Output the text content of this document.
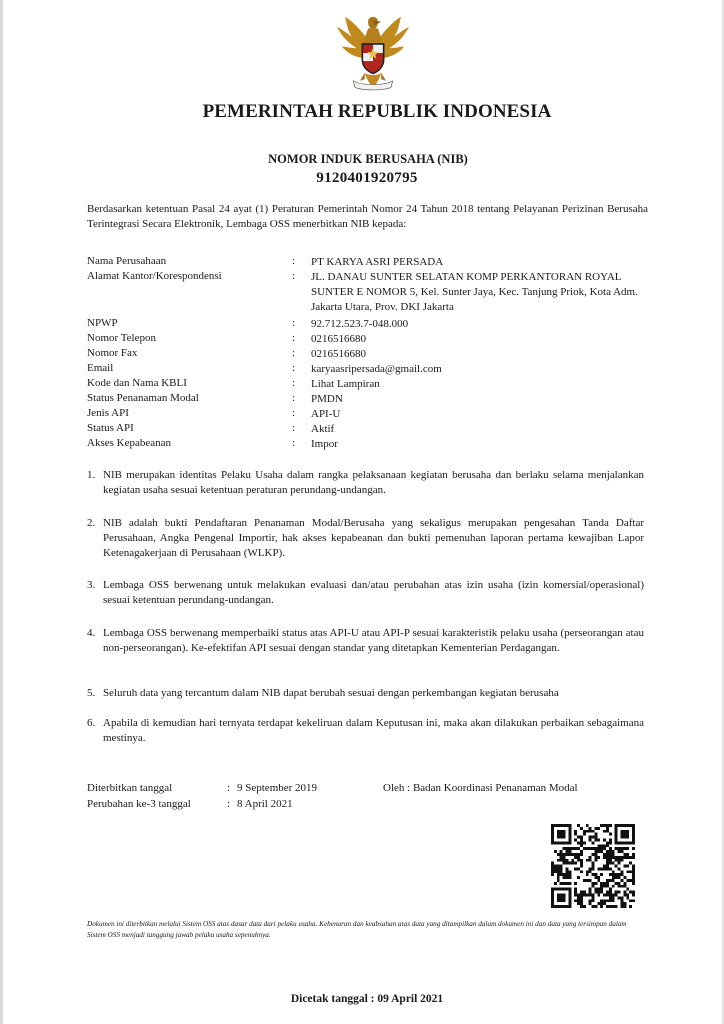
PEMERINTAH REPUBLIK INDONESIA
NOMOR INDUK BERUSAHA (NIB)
9120401920795
Berdasarkan ketentuan Pasal 24 ayat (1) Peraturan Pemerintah Nomor 24 Tahun 2018 tentang Pelayanan Perizinan Berusaha Terintegrasi Secara Elektronik, Lembaga OSS menerbitkan NIB kepada:
Nama Perusahaan	: PT KARYA ASRI PERSADA
Alamat Kantor/Korespondensi	: JL. DANAU SUNTER SELATAN KOMP PERKANTORAN ROYAL SUNTER E NOMOR 5, Kel. Sunter Jaya, Kec. Tanjung Priok, Kota Adm. Jakarta Utara, Prov. DKI Jakarta
NPWP	: 92.712.523.7-048.000
Nomor Telepon	: 0216516680
Nomor Fax	: 0216516680
Email	: karyaasripersada@gmail.com
Kode dan Nama KBLI	: Lihat Lampiran
Status Penanaman Modal	: PMDN
Jenis API	: API-U
Status API	: Aktif
Akses Kepabeanan	: Impor
1. NIB merupakan identitas Pelaku Usaha dalam rangka pelaksanaan kegiatan berusaha dan berlaku selama menjalankan kegiatan usaha sesuai ketentuan peraturan perundang-undangan.
2. NIB adalah bukti Pendaftaran Penanaman Modal/Berusaha yang sekaligus merupakan pengesahan Tanda Daftar Perusahaan, Angka Pengenal Importir, hak akses kepabeanan dan bukti pemenuhan laporan pertama kewajiban Lapor Ketenagakerjaan di Perusahaan (WLKP).
3. Lembaga OSS berwenang untuk melakukan evaluasi dan/atau perubahan atas izin usaha (izin komersial/operasional) sesuai ketentuan perundang-undangan.
4. Lembaga OSS berwenang memperbaiki status atas API-U atau API-P sesuai karakteristik pelaku usaha (perseorangan atau non-perseorangan). Ke-efektifan API sesuai dengan standar yang ditetapkan Kementerian Perdagangan.
5. Seluruh data yang tercantum dalam NIB dapat berubah sesuai dengan perkembangan kegiatan berusaha
6. Apabila di kemudian hari ternyata terdapat kekeliruan dalam Keputusan ini, maka akan dilakukan perbaikan sebagaimana mestinya.
Diterbitkan tanggal	: 9 September 2019	Oleh : Badan Koordinasi Penanaman Modal
Perubahan ke-3 tanggal	: 8 April 2021
Dokumen ini diterbitkan melalui Sistem OSS atas dasar data dari pelaku usaha. Kebenaran dan keabsahan atas data yang ditampilkan dalam dokumen ini dan data yang tersimpan dalam Sistem OSS menjadi tanggung jawab pelaku usaha sepenuhnya.
Dicetak tanggal : 09 April 2021
